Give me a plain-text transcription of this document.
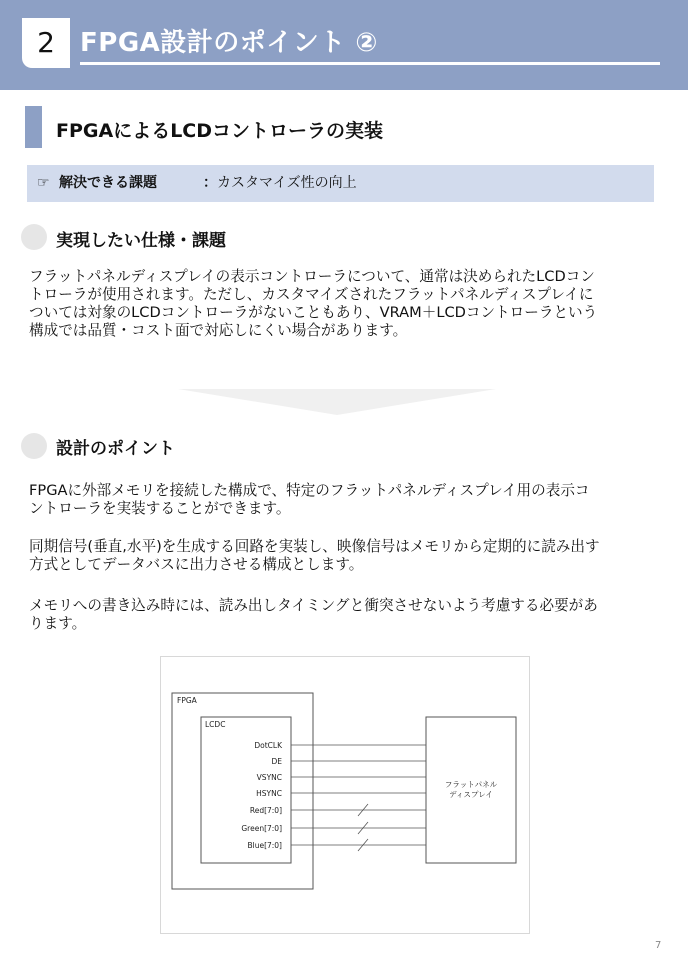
2 FPGA設計のポイント ②
FPGAによるLCDコントローラの実装
☞ 解決できる課題	： カスタマイズ性の向上
実現したい仕様・課題
フラットパネルディスプレイの表示コントローラについて、通常は決められたLCDコン
トローラが使用されます。ただし、カスタマイズされたフラットパネルディスプレイに
ついては対象のLCDコントローラがないこともあり、VRAM＋LCDコントローラという
構成では品質・コスト面で対応しにくい場合があります。
設計のポイント
FPGAに外部メモリを接続した構成で、特定のフラットパネルディスプレイ用の表示コ
ントローラを実装することができます。
同期信号(垂直,水平)を生成する回路を実装し、映像信号はメモリから定期的に読み出す
方式としてデータバスに出力させる構成とします。
メモリへの書き込み時には、読み出しタイミングと衝突させないよう考慮する必要があ
ります。
FPGA
LCDC
フラットパネル
ディスプレイ
DotCLK
DE
VSYNC
HSYNC
Red[7:0]
Green[7:0]
Blue[7:0]
7
